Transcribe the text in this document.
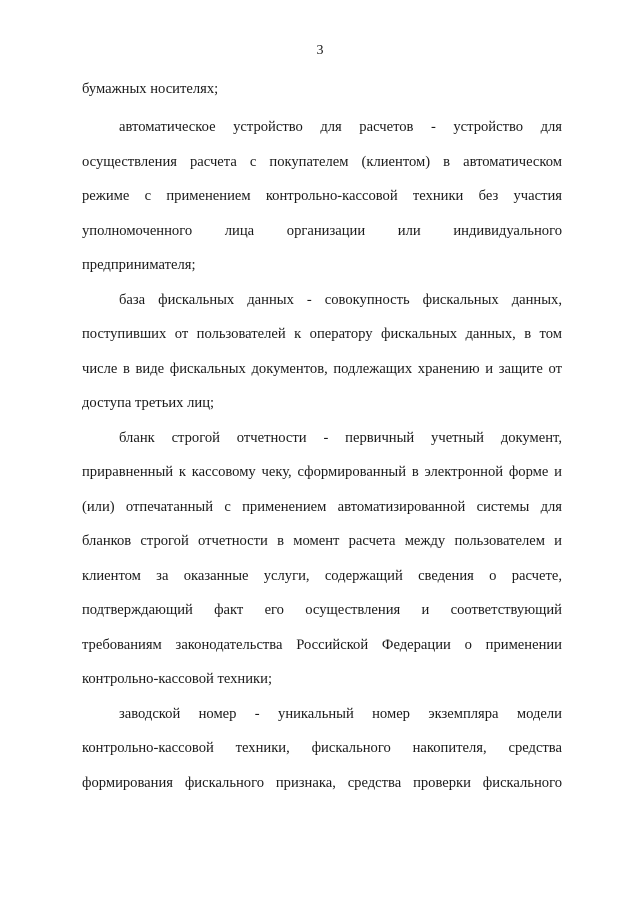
3
бумажных носителях;
автоматическое устройство для расчетов - устройство для
осуществления расчета с покупателем (клиентом) в автоматическом
режиме с применением контрольно-кассовой техники без участия
уполномоченного лица организации или индивидуального
предпринимателя;
база фискальных данных - совокупность фискальных данных,
поступивших от пользователей к оператору фискальных данных, в том
числе в виде фискальных документов, подлежащих хранению и защите от
доступа третьих лиц;
бланк строгой отчетности - первичный учетный документ,
приравненный к кассовому чеку, сформированный в электронной форме и
(или) отпечатанный с применением автоматизированной системы для
бланков строгой отчетности в момент расчета между пользователем и
клиентом за оказанные услуги, содержащий сведения о расчете,
подтверждающий факт его осуществления и соответствующий
требованиям законодательства Российской Федерации о применении
контрольно-кассовой техники;
заводской номер - уникальный номер экземпляра модели
контрольно-кассовой техники, фискального накопителя, средства
формирования фискального признака, средства проверки фискального
